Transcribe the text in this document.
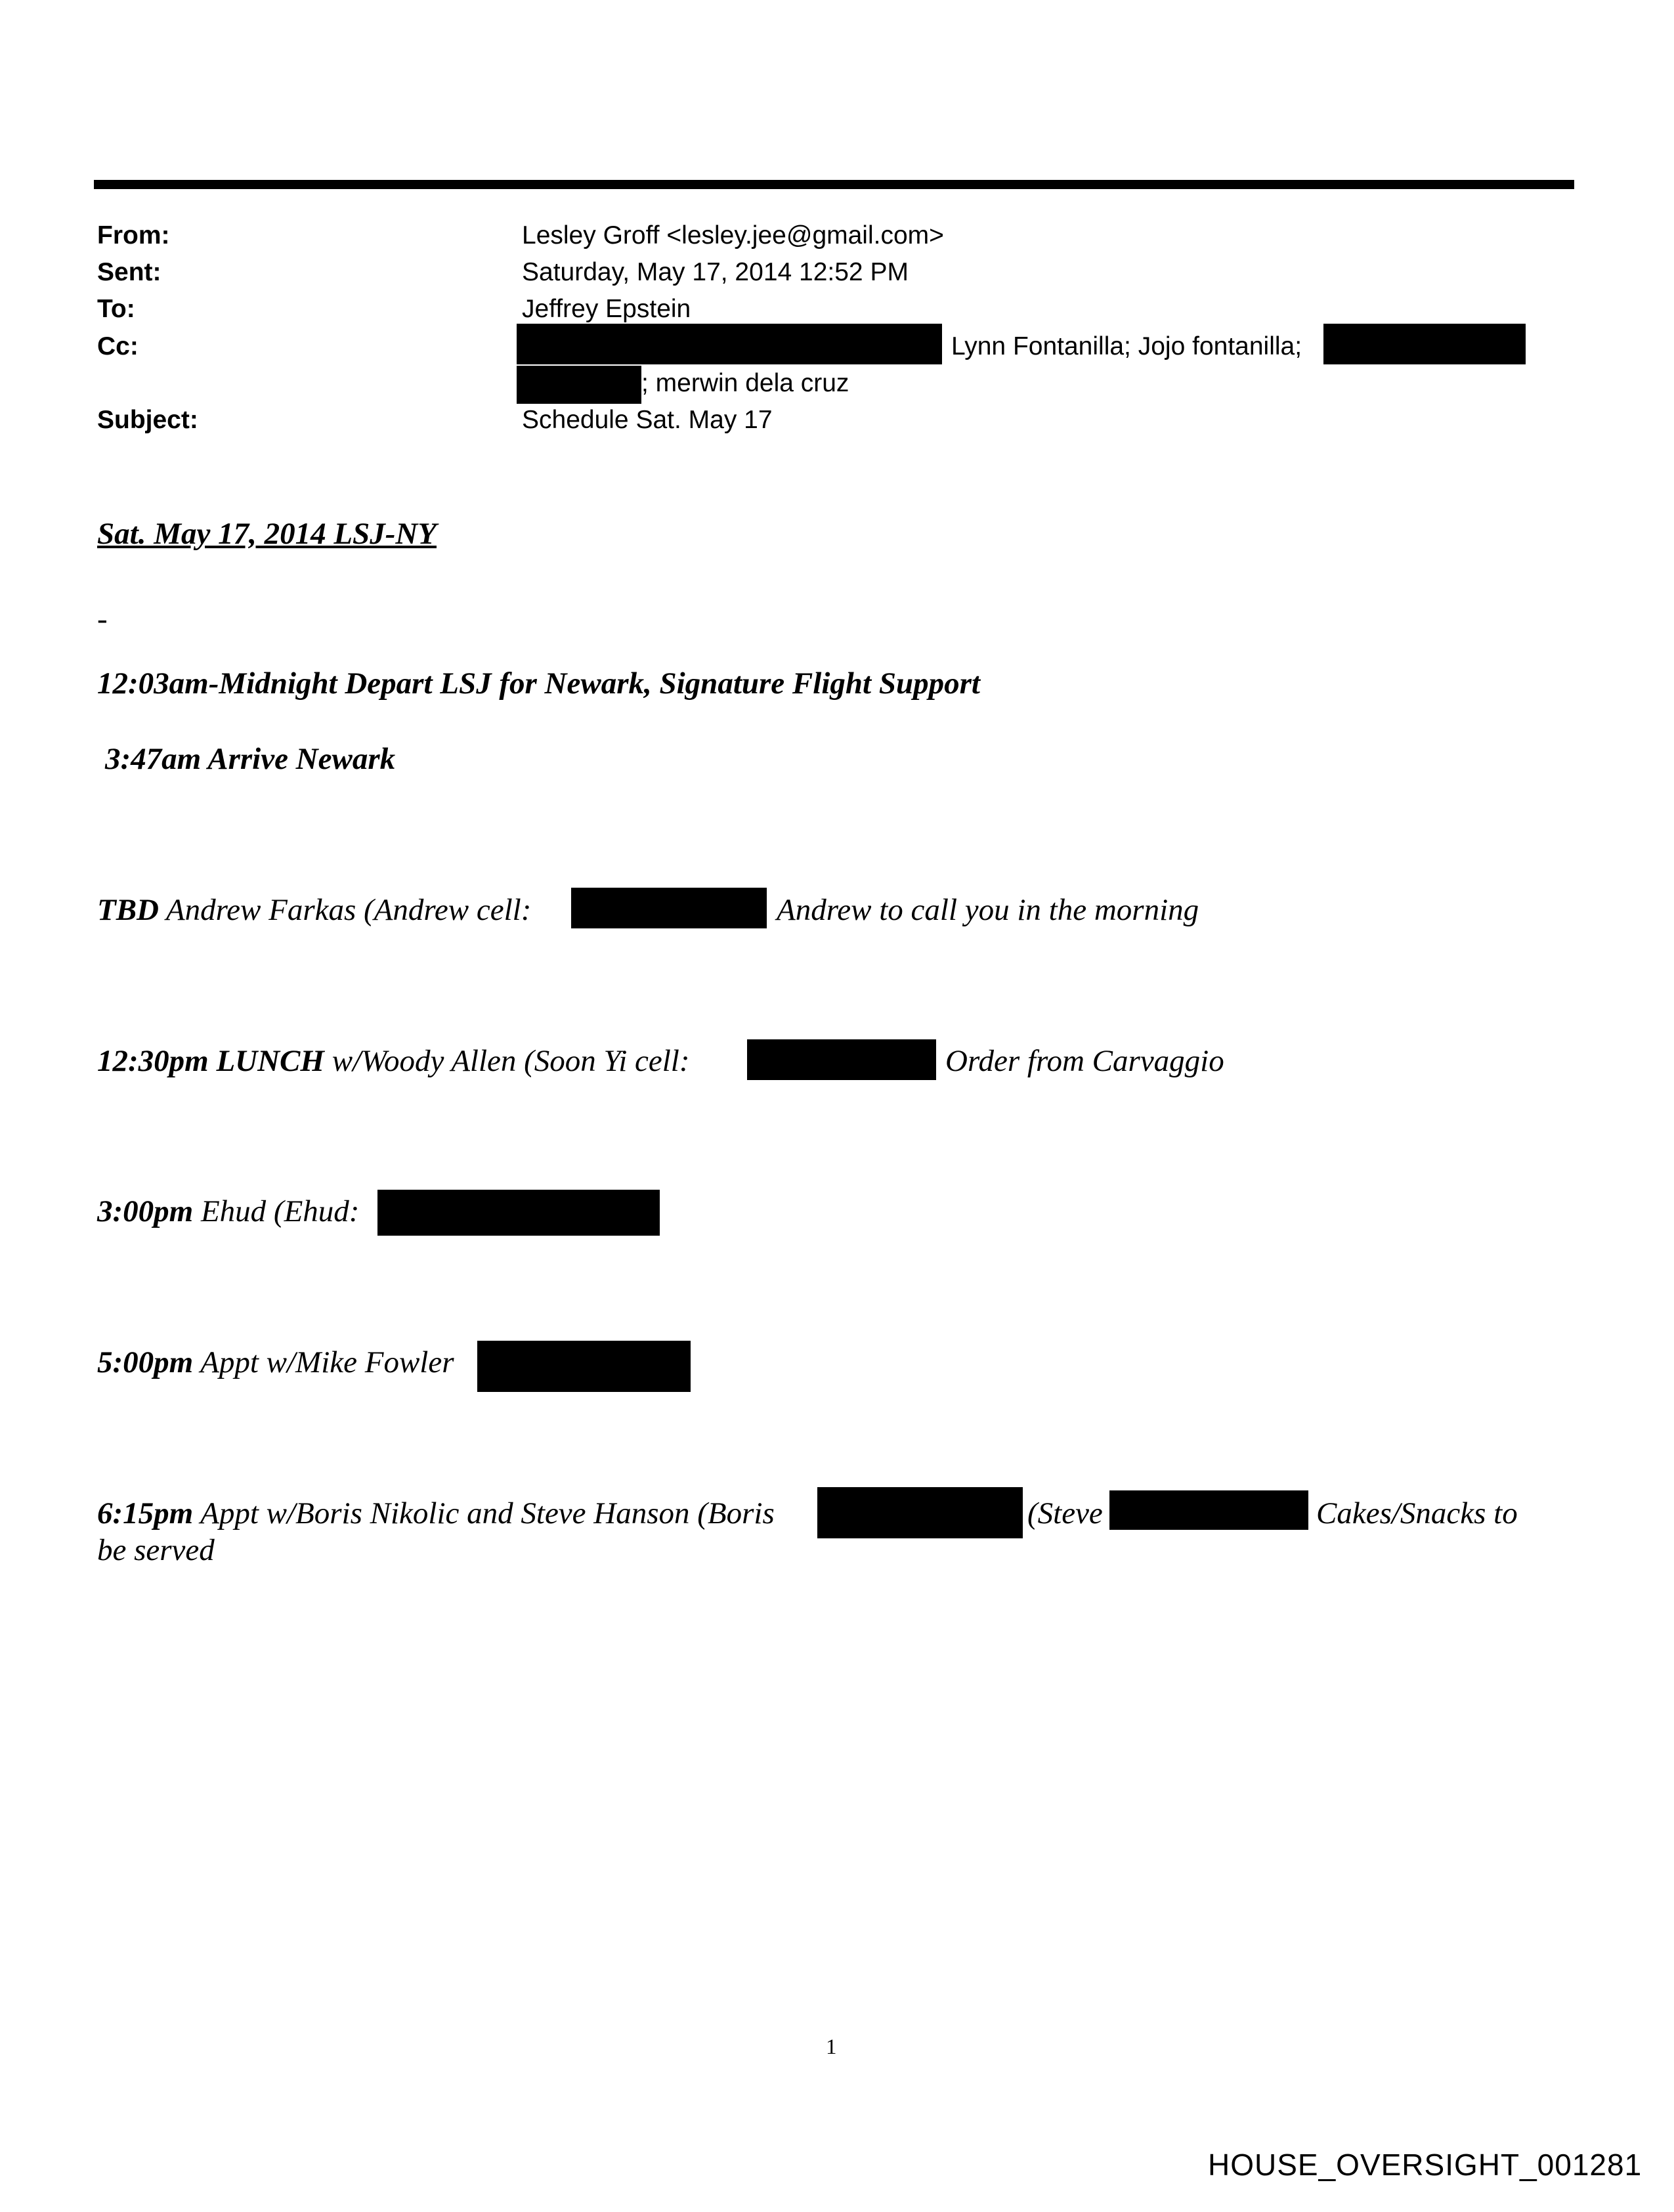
From:	Lesley Groff <lesley.jee@gmail.com>
Sent:	Saturday, May 17, 2014 12:52 PM
To:	Jeffrey Epstein
Cc:	Lynn Fontanilla; Jojo fontanilla;
; merwin dela cruz
Subject:	Schedule Sat. May 17
Sat. May 17, 2014 LSJ-NY
-
12:03am-Midnight Depart LSJ for Newark, Signature Flight Support
3:47am Arrive Newark
TBD Andrew Farkas (Andrew cell:	Andrew to call you in the morning
12:30pm LUNCH w/Woody Allen (Soon Yi cell:	Order from Carvaggio
3:00pm Ehud (Ehud:
5:00pm Appt w/Mike Fowler
6:15pm Appt w/Boris Nikolic and Steve Hanson (Boris	(Steve	Cakes/Snacks to
be served
1
HOUSE_OVERSIGHT_001281
